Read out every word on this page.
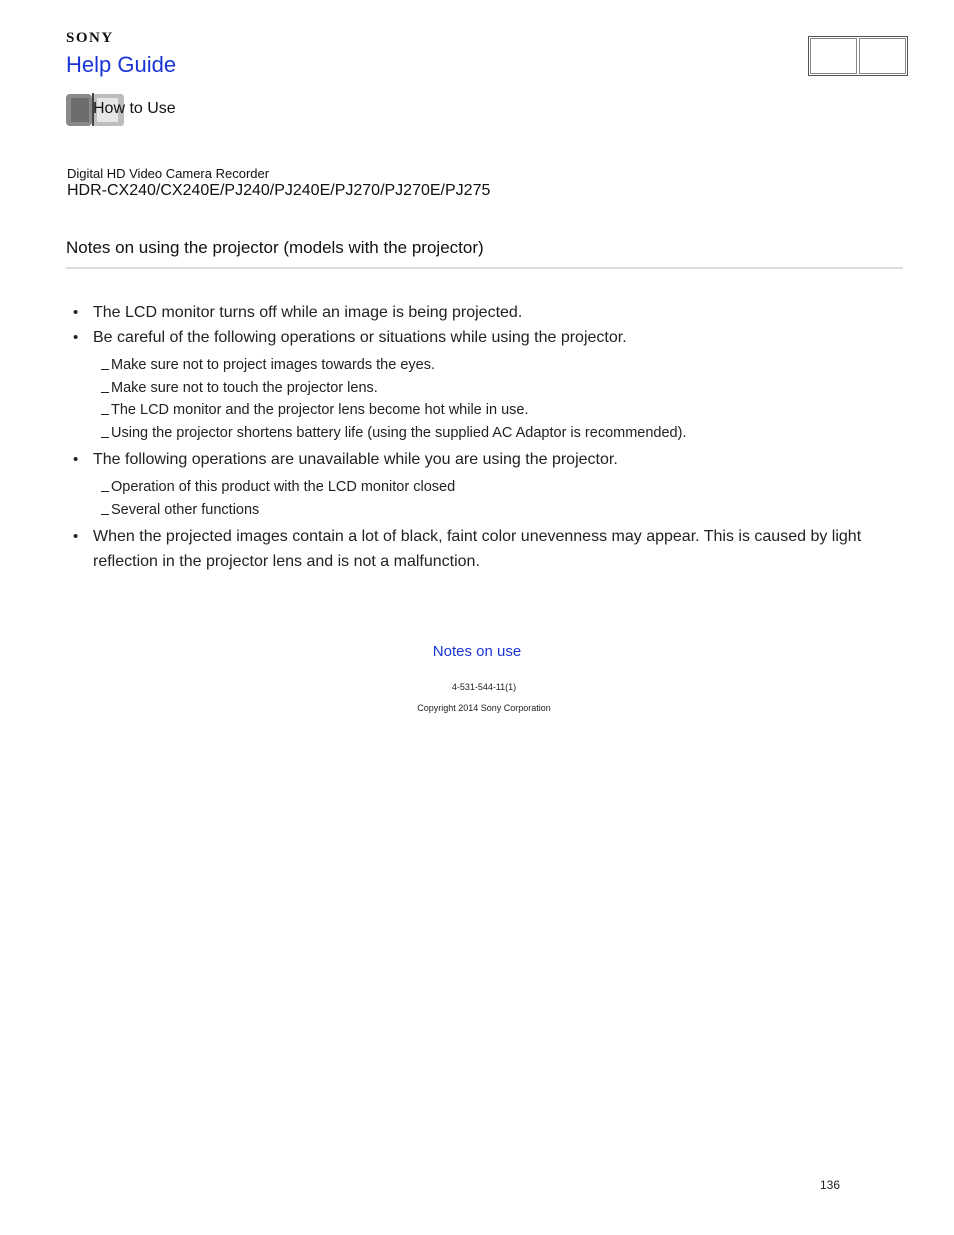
SONY
Help Guide
How to Use
Digital HD Video Camera Recorder
HDR-CX240/CX240E/PJ240/PJ240E/PJ270/PJ270E/PJ275
Notes on using the projector (models with the projector)
• The LCD monitor turns off while an image is being projected.
• Be careful of the following operations or situations while using the projector.
Make sure not to project images towards the eyes.
Make sure not to touch the projector lens.
The LCD monitor and the projector lens become hot while in use.
Using the projector shortens battery life (using the supplied AC Adaptor is recommended).
• The following operations are unavailable while you are using the projector.
Operation of this product with the LCD monitor closed
Several other functions
• When the projected images contain a lot of black, faint color unevenness may appear. This is caused by light reflection in the projector lens and is not a malfunction.
Notes on use
4-531-544-11(1)
Copyright 2014 Sony Corporation
136
